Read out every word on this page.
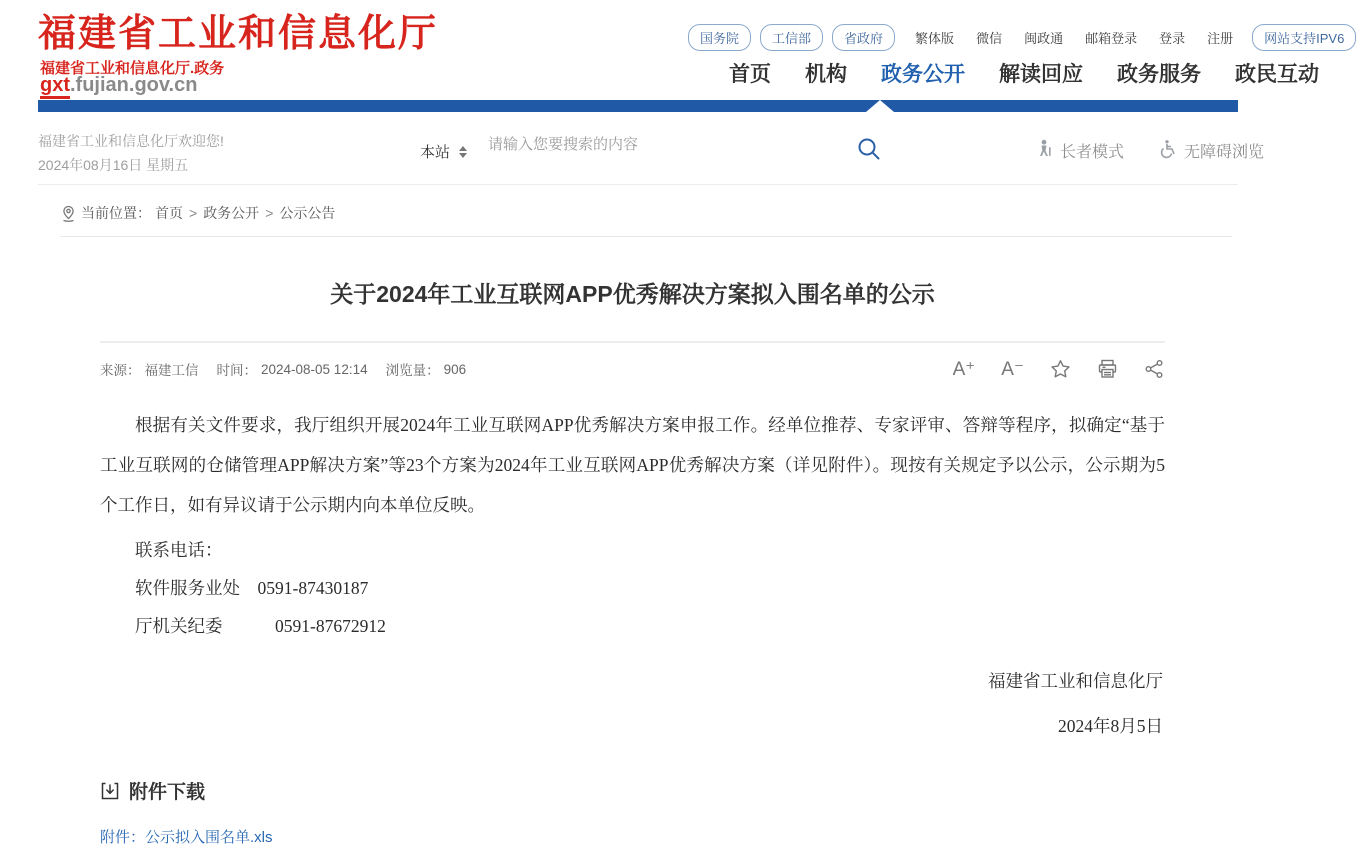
福建省工业和信息化厅
福建省工业和信息化厅.政务
gxt.fujian.gov.cn
国务院	工信部	省政府	繁体版 微信 闽政通 邮箱登录 登录 注册	网站支持IPV6
首页 机构 政务公开 解读回应 政务服务 政民互动
福建省工业和信息化厅欢迎您!
2024年08月16日 星期五
本站
请输入您要搜索的内容	长者模式	无障碍浏览
当前位置： 首页 > 政务公开 > 公示公告
关于2024年工业互联网APP优秀解决方案拟入围名单的公示
来源： 福建工信 时间： 2024-08-05 12:14 浏览量： 906	A⁺ A⁻

根据有关文件要求，我厅组织开展2024年工业互联网APP优秀解决方案申报工作。经单位推荐、专家评审、答辩等程序，拟确定“基于工业互联网的仓储管理APP解决方案”等23个方案为2024年工业互联网APP优秀解决方案（详见附件）。现按有关规定予以公示，公示期为5个工作日，如有异议请于公示期内向本单位反映。

联系电话：

软件服务业处　0591-87430187

厅机关纪委　　　0591-87672912

福建省工业和信息化厅
2024年8月5日
附件下载
附件：公示拟入围名单.xls
